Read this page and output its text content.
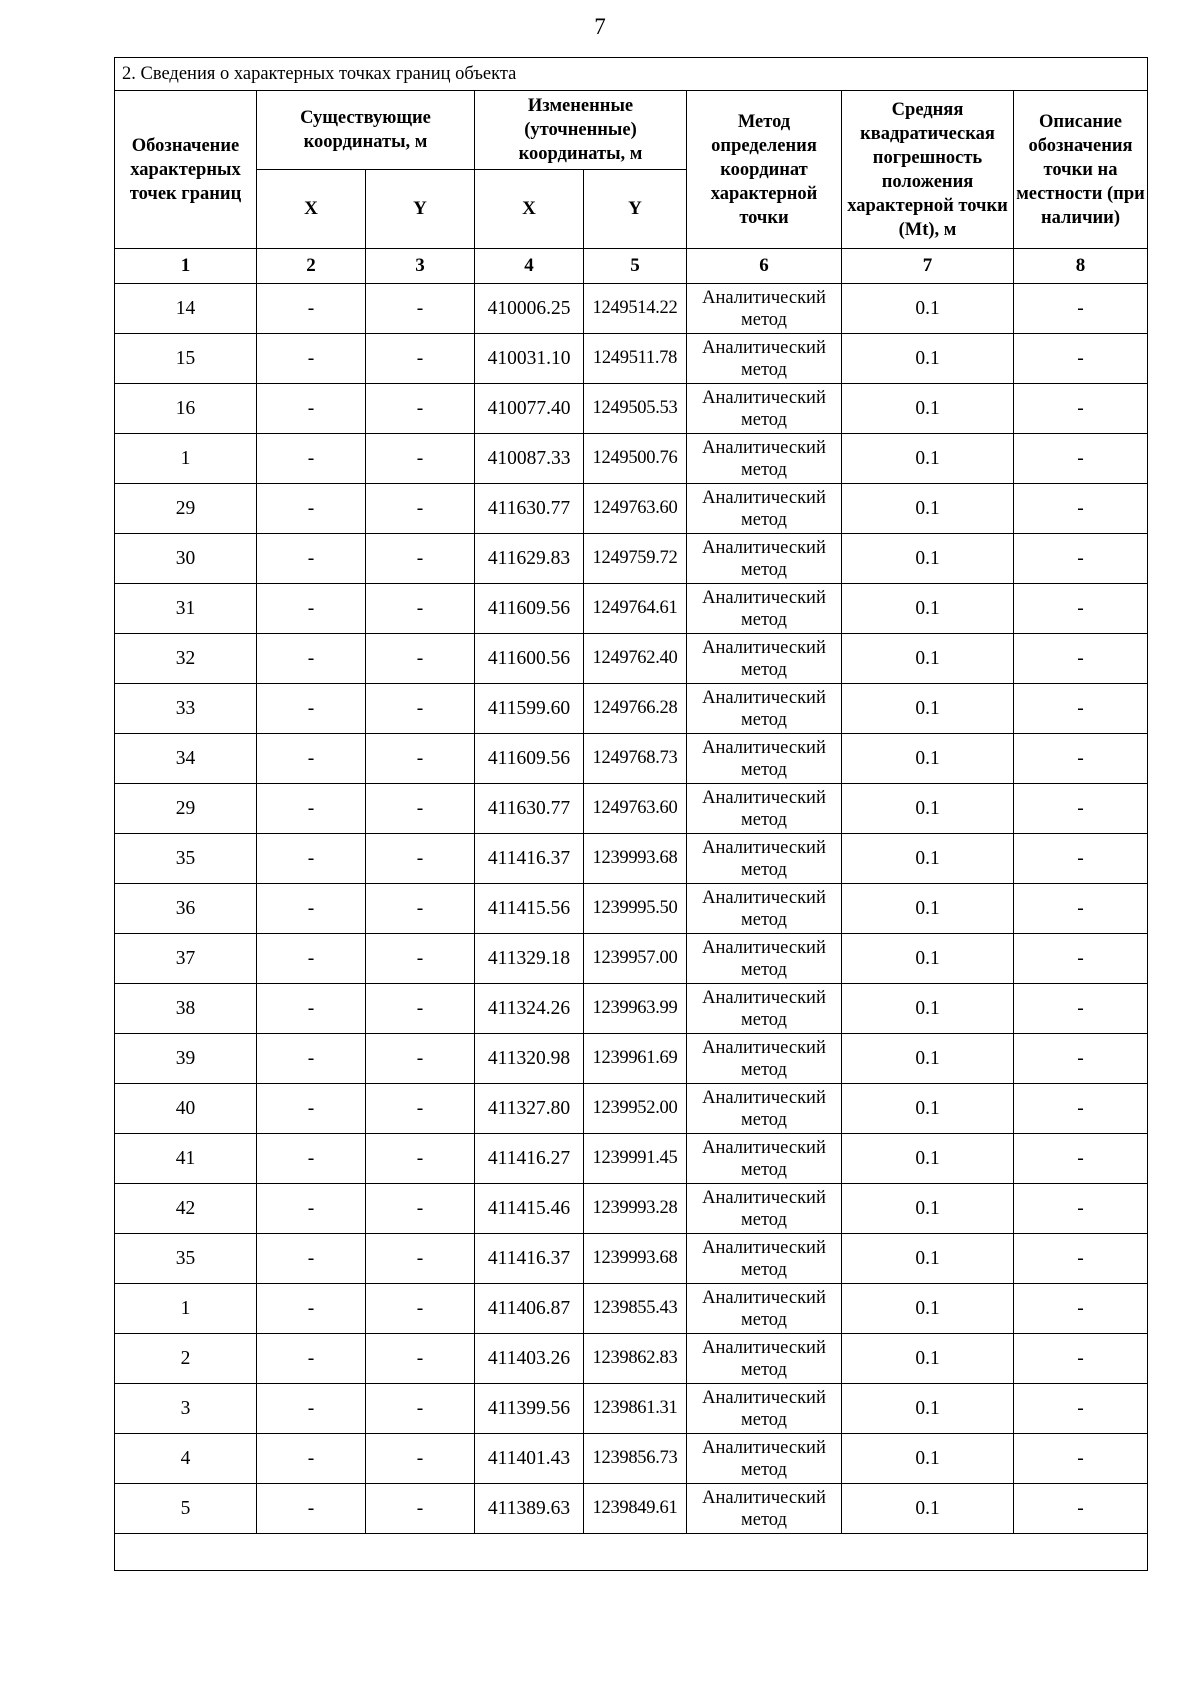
7
2. Сведения о характерных точках границ объекта							
Обозначение характерных точек границ	Существующие координаты, м		Измененные (уточненные) координаты, м		Метод определения координат характерной точки	Средняя квадратическая погрешность положения характерной точки (Mt), м	Описание обозначения точки на местности (при наличии)
	X	Y	X	Y			
1	2	3	4	5	6	7	8
14	-	-	410006.25	1249514.22	Аналитический метод	0.1	-
15	-	-	410031.10	1249511.78	Аналитический метод	0.1	-
16	-	-	410077.40	1249505.53	Аналитический метод	0.1	-
1	-	-	410087.33	1249500.76	Аналитический метод	0.1	-
29	-	-	411630.77	1249763.60	Аналитический метод	0.1	-
30	-	-	411629.83	1249759.72	Аналитический метод	0.1	-
31	-	-	411609.56	1249764.61	Аналитический метод	0.1	-
32	-	-	411600.56	1249762.40	Аналитический метод	0.1	-
33	-	-	411599.60	1249766.28	Аналитический метод	0.1	-
34	-	-	411609.56	1249768.73	Аналитический метод	0.1	-
29	-	-	411630.77	1249763.60	Аналитический метод	0.1	-
35	-	-	411416.37	1239993.68	Аналитический метод	0.1	-
36	-	-	411415.56	1239995.50	Аналитический метод	0.1	-
37	-	-	411329.18	1239957.00	Аналитический метод	0.1	-
38	-	-	411324.26	1239963.99	Аналитический метод	0.1	-
39	-	-	411320.98	1239961.69	Аналитический метод	0.1	-
40	-	-	411327.80	1239952.00	Аналитический метод	0.1	-
41	-	-	411416.27	1239991.45	Аналитический метод	0.1	-
42	-	-	411415.46	1239993.28	Аналитический метод	0.1	-
35	-	-	411416.37	1239993.68	Аналитический метод	0.1	-
1	-	-	411406.87	1239855.43	Аналитический метод	0.1	-
2	-	-	411403.26	1239862.83	Аналитический метод	0.1	-
3	-	-	411399.56	1239861.31	Аналитический метод	0.1	-
4	-	-	411401.43	1239856.73	Аналитический метод	0.1	-
5	-	-	411389.63	1239849.61	Аналитический метод	0.1	-
